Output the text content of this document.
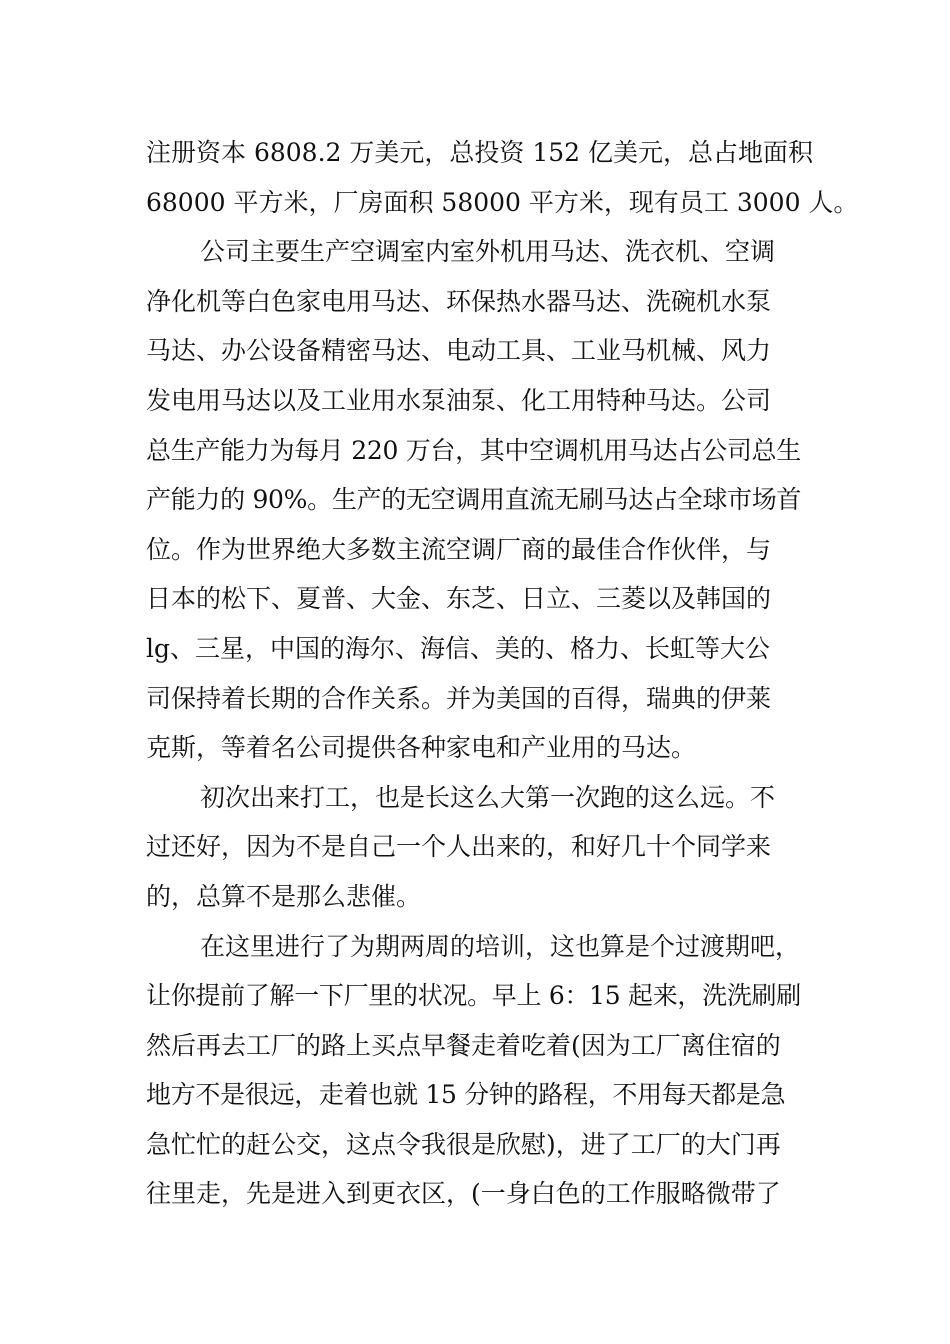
注册资本 6808.2 万美元，总投资 152 亿美元，总占地面积
68000 平方米，厂房面积 58000 平方米，现有员工 3000 人。
公司主要生产空调室内室外机用马达、洗衣机、空调
净化机等白色家电用马达、环保热水器马达、洗碗机水泵
马达、办公设备精密马达、电动工具、工业马机械、风力
发电用马达以及工业用水泵油泵、化工用特种马达。公司
总生产能力为每月 220 万台，其中空调机用马达占公司总生
产能力的 90%。生产的无空调用直流无刷马达占全球市场首
位。作为世界绝大多数主流空调厂商的最佳合作伙伴，与
日本的松下、夏普、大金、东芝、日立、三菱以及韩国的
lg、三星，中国的海尔、海信、美的、格力、长虹等大公
司保持着长期的合作关系。并为美国的百得，瑞典的伊莱
克斯，等着名公司提供各种家电和产业用的马达。
初次出来打工，也是长这么大第一次跑的这么远。不
过还好，因为不是自己一个人出来的，和好几十个同学来
的，总算不是那么悲催。
在这里进行了为期两周的培训，这也算是个过渡期吧，
让你提前了解一下厂里的状况。早上 6：15 起来，洗洗刷刷
然后再去工厂的路上买点早餐走着吃着(因为工厂离住宿的
地方不是很远，走着也就 15 分钟的路程，不用每天都是急
急忙忙的赶公交，这点令我很是欣慰)，进了工厂的大门再
往里走，先是进入到更衣区，(一身白色的工作服略微带了
